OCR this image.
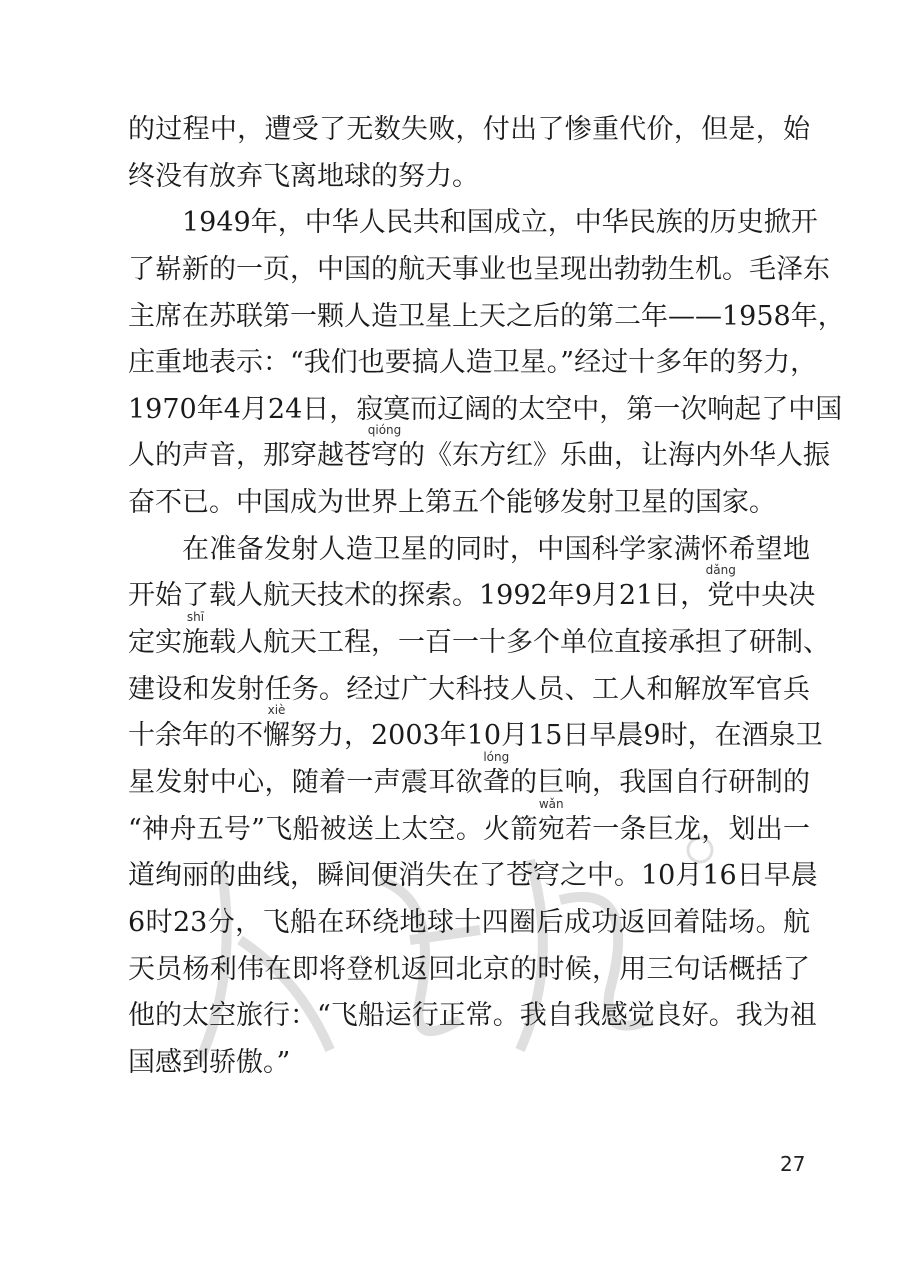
的过程中，遭受了无数失败，付出了惨重代价，但是，始
终没有放弃飞离地球的努力。
1949年，中华人民共和国成立，中华民族的历史掀开
了崭新的一页，中国的航天事业也呈现出勃勃生机。毛泽东
主席在苏联第一颗人造卫星上天之后的第二年——1958年，
庄重地表示：“我们也要搞人造卫星。”经过十多年的努力，
1970年4月24日，寂寞而辽阔的太空中，第一次响起了中国
人的声音，那穿越苍
qióng
穹的《东方红》乐曲，让海内外华人振
奋不已。中国成为世界上第五个能够发射卫星的国家。
在准备发射人造卫星的同时，中国科学家满怀希望地
开始了载人航天技术的探索。1992年9月21日，
dǎng
党中央决
定实
shī
施载人航天工程，一百一十多个单位直接承担了研制、
建设和发射任务。经过广大科技人员、工人和解放军官兵
十余年的不
xiè
懈努力，2003年10月15日早晨9时，在酒泉卫
星发射中心，随着一声震耳欲
lóng
聋的巨响，我国自行研制的
“神舟五号”飞船被送上太空。火箭
wǎn
宛若一条巨龙，划出一
道绚丽的曲线，瞬间便消失在了苍穹之中。10月16日早晨
6时23分，飞船在环绕地球十四圈后成功返回着陆场。航
天员杨利伟在即将登机返回北京的时候，用三句话概括了
他的太空旅行：“飞船运行正常。我自我感觉良好。我为祖
国感到骄傲。”
27
